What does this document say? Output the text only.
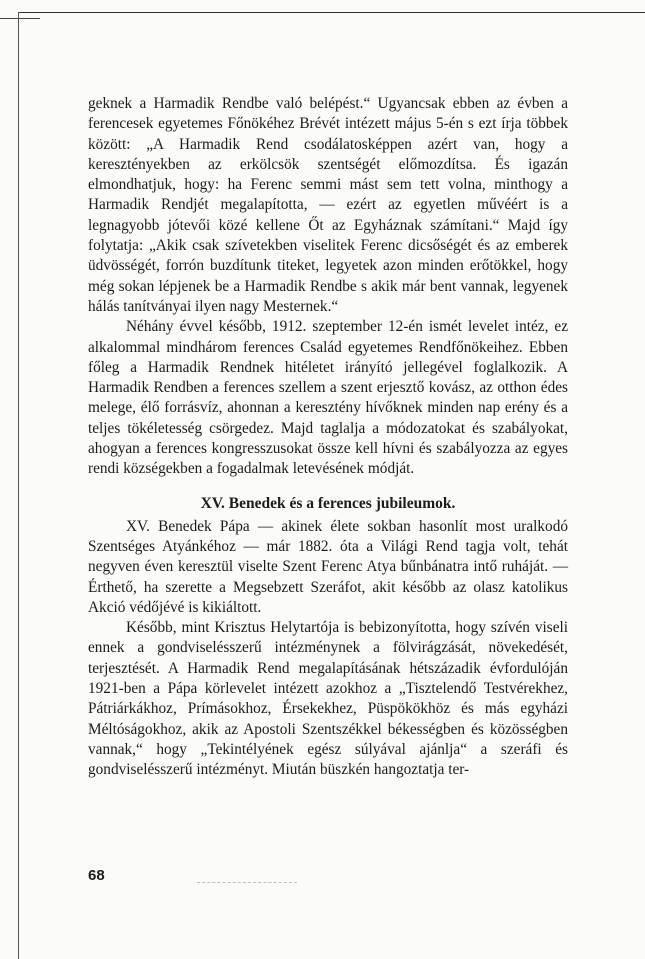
geknek a Harmadik Rendbe való belépést.“ Ugyancsak ebben az évben a ferencesek egyetemes Főnökéhez Brévét intézett május 5-én s ezt írja többek között: „A Harmadik Rend csodálatosképpen azért van, hogy a keresztényekben az erkölcsök szentségét előmozdítsa. És igazán elmondhatjuk, hogy: ha Ferenc semmi mást sem tett volna, minthogy a Harmadik Rendjét megalapította, — ezért az egyetlen művéért is a legnagyobb jótevői közé kellene Őt az Egyháznak számítani.“ Majd így folytatja: „Akik csak szívetekben viselitek Ferenc dicsőségét és az emberek üdvösségét, forrón buzdítunk titeket, legyetek azon minden erőtökkel, hogy még sokan lépjenek be a Harmadik Rendbe s akik már bent vannak, legyenek hálás tanítványai ilyen nagy Mesternek.“

Néhány évvel később, 1912. szeptember 12-én ismét levelet intéz, ez alkalommal mindhárom ferences Család egyetemes Rendfőnökeihez. Ebben főleg a Harmadik Rendnek hitéletet irányító jellegével foglalkozik. A Harmadik Rendben a ferences szellem a szent erjesztő kovász, az otthon édes melege, élő forrásvíz, ahonnan a keresztény hívőknek minden nap erény és a teljes tökéletesség csörgedez. Majd taglalja a módozatokat és szabályokat, ahogyan a ferences kongresszusokat össze kell hívni és szabályozza az egyes rendi községekben a fogadalmak letevésének módját.

XV. Benedek és a ferences jubileumok.

XV. Benedek Pápa — akinek élete sokban hasonlít most uralkodó Szentséges Atyánkéhoz — már 1882. óta a Világi Rend tagja volt, tehát negyven éven keresztül viselte Szent Ferenc Atya bűnbánatra intő ruháját. — Érthető, ha szerette a Megsebzett Szeráfot, akit később az olasz katolikus Akció védőjévé is kikiáltott.

Később, mint Krisztus Helytartója is bebizonyította, hogy szívén viseli ennek a gondviselésszerű intézménynek a fölvirágzását, növekedését, terjesztését. A Harmadik Rend megalapításának hétszázadik évfordulóján 1921-ben a Pápa körlevelet intézett azokhoz a „Tisztelendő Testvérekhez, Pátriárkákhoz, Prímásokhoz, Érsekekhez, Püspökökhöz és más egyházi Méltóságokhoz, akik az Apostoli Szentszékkel békességben és közösségben vannak,“ hogy „Tekintélyének egész súlyával ajánlja“ a szeráfi és gondviselésszerű intézményt. Miután büszkén hangoztatja ter-

68
